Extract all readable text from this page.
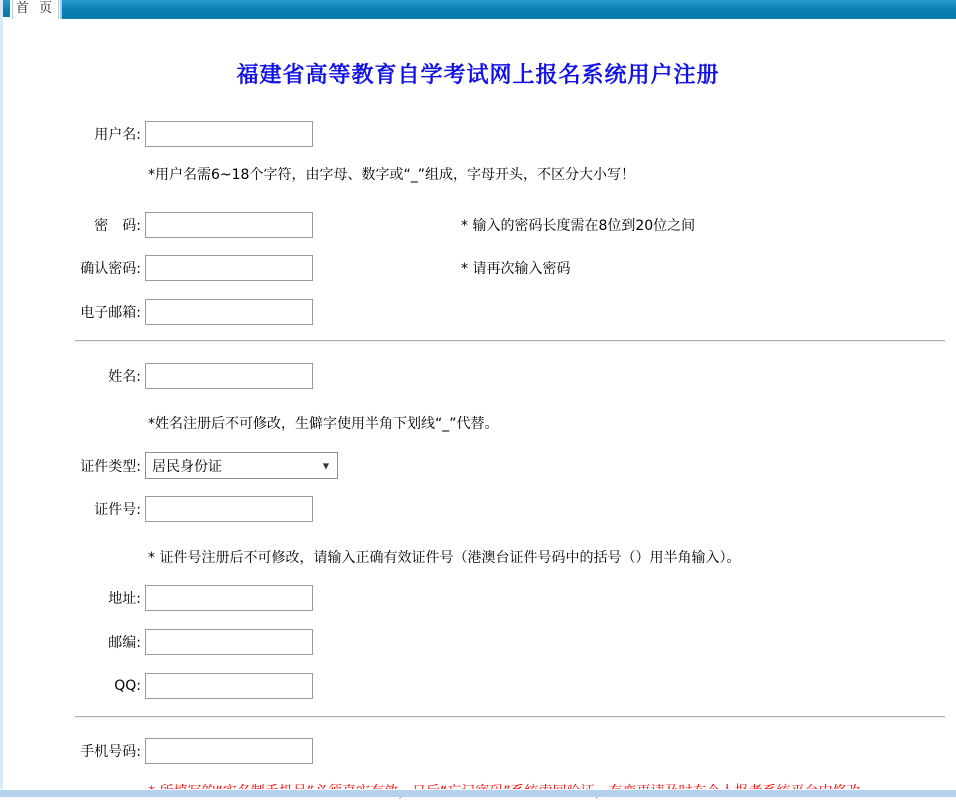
首 页
福建省高等教育自学考试网上报名系统用户注册
用户名:
*用户名需6~18个字符，由字母、数字或“_”组成，字母开头，不区分大小写！
密　码:	* 输入的密码长度需在8位到20位之间
确认密码:	* 请再次输入密码
电子邮箱:
姓名:
*姓名注册后不可修改，生僻字使用半角下划线“_”代替。
证件类型: 居民身份证	▼
证件号:
* 证件号注册后不可修改，请输入正确有效证件号（港澳台证件号码中的括号（）用半角输入）。
地址:
邮编:
QQ:
手机号码:
